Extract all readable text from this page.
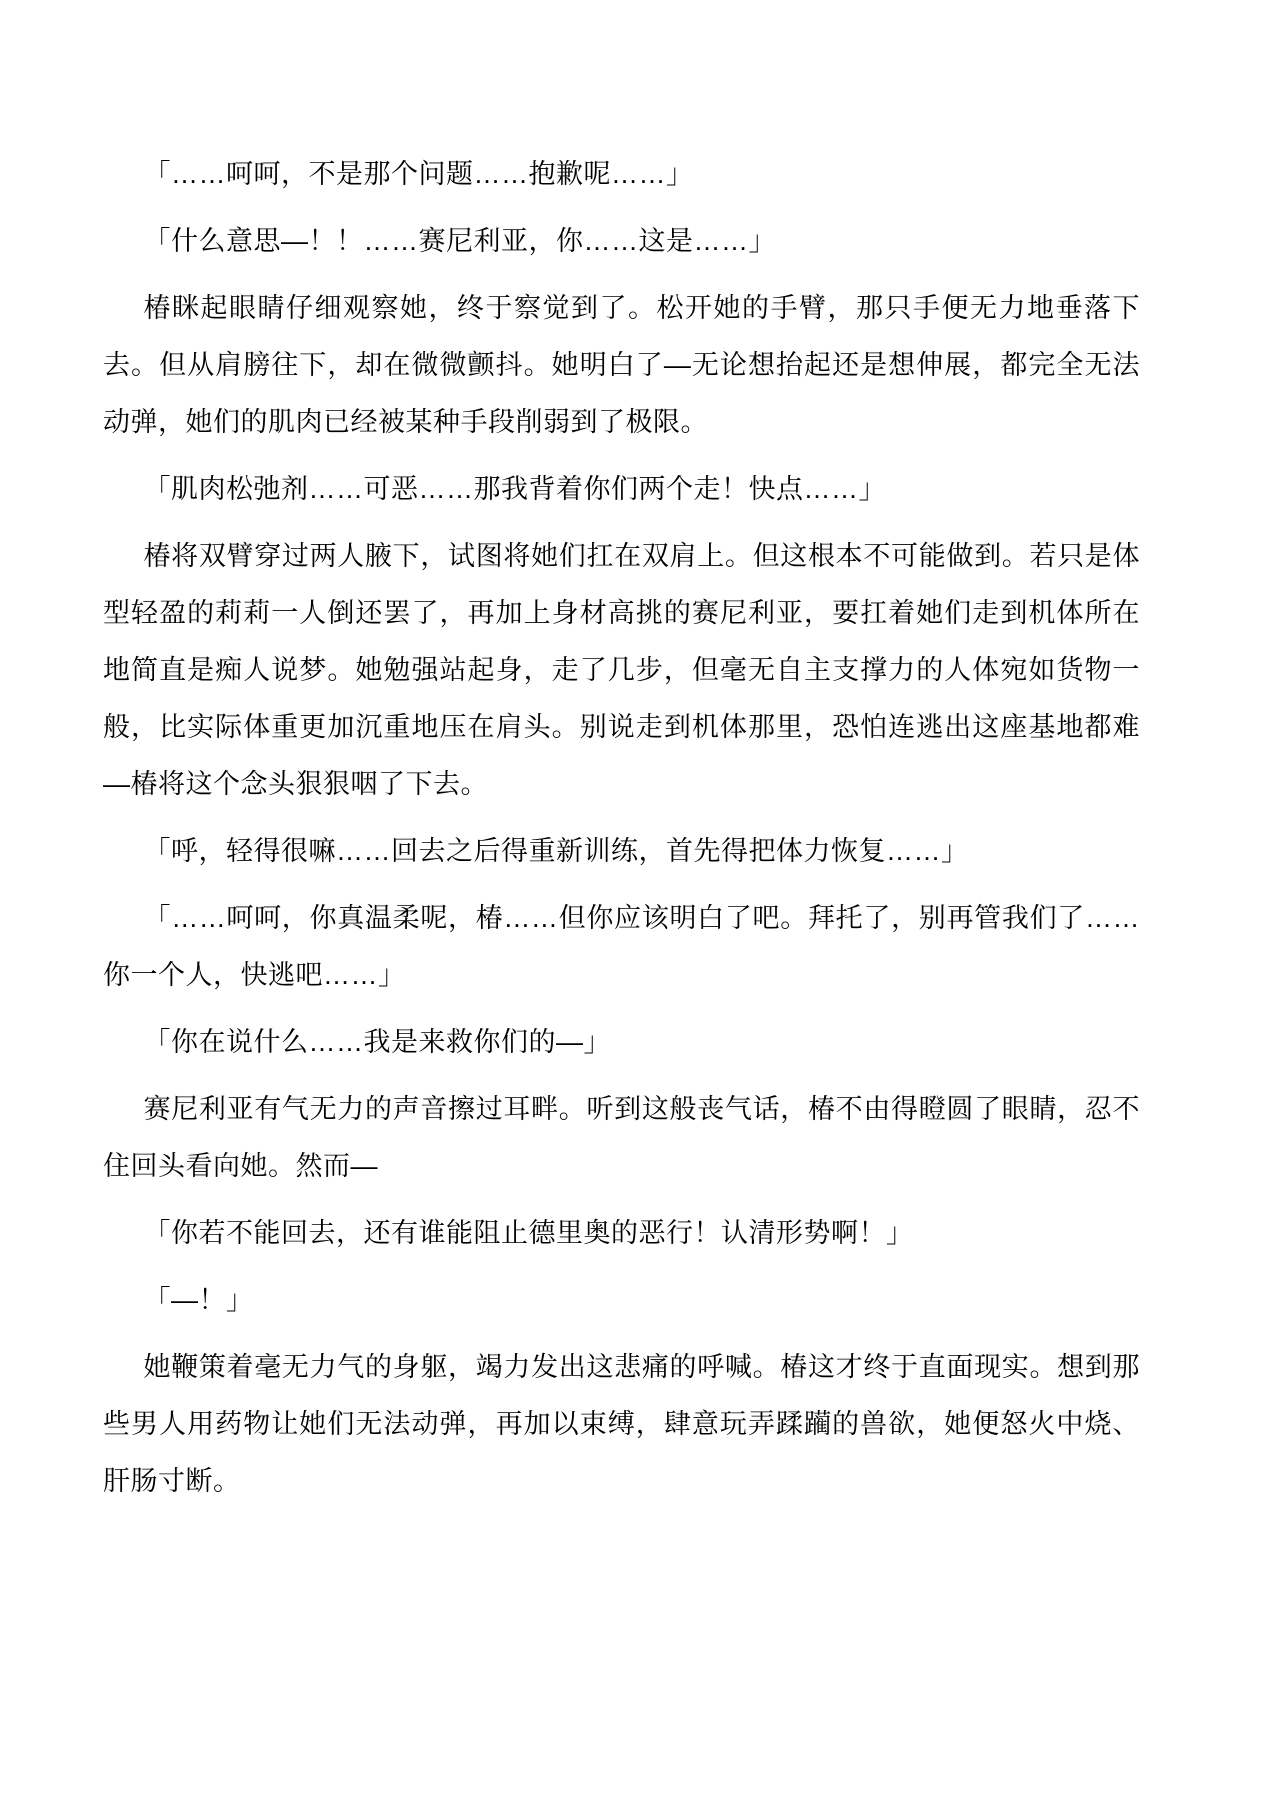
「……呵呵，不是那个问题……抱歉呢……」

「什么意思—！！……赛尼利亚，你……这是……」

椿眯起眼睛仔细观察她，终于察觉到了。松开她的手臂，那只手便无力地垂落下去。但从肩膀往下，却在微微颤抖。她明白了—无论想抬起还是想伸展，都完全无法动弹，她们的肌肉已经被某种手段削弱到了极限。

「肌肉松弛剂……可恶……那我背着你们两个走！快点……」

椿将双臂穿过两人腋下，试图将她们扛在双肩上。但这根本不可能做到。若只是体型轻盈的莉莉一人倒还罢了，再加上身材高挑的赛尼利亚，要扛着她们走到机体所在地简直是痴人说梦。她勉强站起身，走了几步，但毫无自主支撑力的人体宛如货物一般，比实际体重更加沉重地压在肩头。别说走到机体那里，恐怕连逃出这座基地都难—椿将这个念头狠狠咽了下去。

「呼，轻得很嘛……回去之后得重新训练，首先得把体力恢复……」

「……呵呵，你真温柔呢，椿……但你应该明白了吧。拜托了，别再管我们了……你一个人，快逃吧……」

「你在说什么……我是来救你们的—」

赛尼利亚有气无力的声音擦过耳畔。听到这般丧气话，椿不由得瞪圆了眼睛，忍不住回头看向她。然而—

「你若不能回去，还有谁能阻止德里奥的恶行！认清形势啊！」

「—！」

她鞭策着毫无力气的身躯，竭力发出这悲痛的呼喊。椿这才终于直面现实。想到那些男人用药物让她们无法动弹，再加以束缚，肆意玩弄蹂躏的兽欲，她便怒火中烧、肝肠寸断。
